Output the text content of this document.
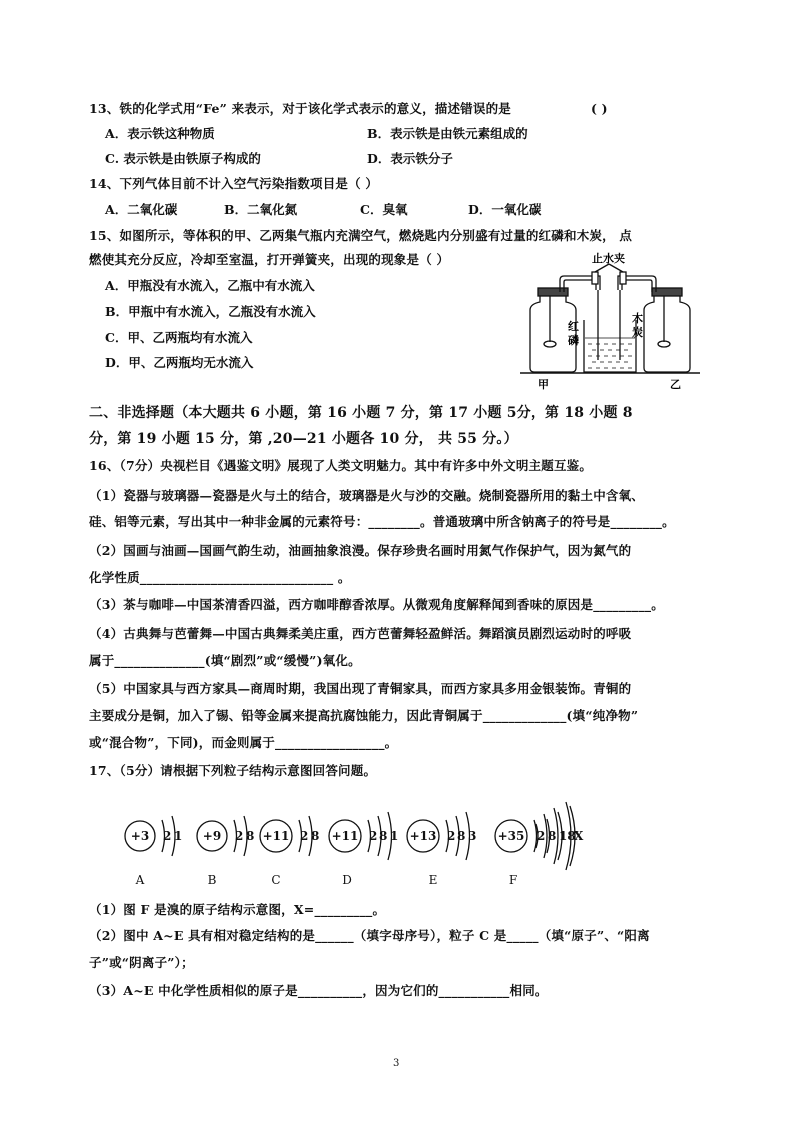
13、铁的化学式用“Fe” 来表示，对于该化学式表示的意义，描述错误的是	( )
A．表示铁这种物质	B．表示铁是由铁元素组成的
C. 表示铁是由铁原子构成的	D．表示铁分子
14、下列气体目前不计入空气污染指数项目是（ ）
A．二氧化碳	B．二氧化氮	C．臭氧	D．一氧化碳
15、如图所示，等体积的甲、乙两集气瓶内充满空气，燃烧匙内分别盛有过量的红磷和木炭， 点
燃使其充分反应，冷却至室温，打开弹簧夹，出现的现象是（ ）
A．甲瓶没有水流入，乙瓶中有水流入
B．甲瓶中有水流入，乙瓶没有水流入
C．甲、乙两瓶均有水流入
D．甲、乙两瓶均无水流入
止水夹
红
磷
木
炭
甲	乙
二、非选择题（本大题共 6 小题，第 16 小题 7 分，第 17 小题 5分，第 18 小题 8
分，第 19 小题 15 分，第 ,20—21 小题各 10 分， 共 55 分。）
16、（7分）央视栏目《遇鉴文明》展现了人类文明魅力。其中有许多中外文明主题互鉴。
（1）瓷器与玻璃器—瓷器是火与土的结合，玻璃器是火与沙的交融。烧制瓷器所用的黏土中含氧、
硅、铝等元素，写出其中一种非金属的元素符号：________。普通玻璃中所含钠离子的符号是________。
（2）国画与油画—国画气韵生动，油画抽象浪漫。保存珍贵名画时用氮气作保护气，因为氮气的
化学性质______________________________ 。
（3）茶与咖啡—中国茶清香四溢，西方咖啡醇香浓厚。从微观角度解释闻到香味的原因是_________。
（4）古典舞与芭蕾舞—中国古典舞柔美庄重，西方芭蕾舞轻盈鲜活。舞蹈演员剧烈运动时的呼吸
属于______________(填“剧烈”或“缓慢”)氧化。
（5）中国家具与西方家具—商周时期，我国出现了青铜家具，而西方家具多用金银装饰。青铜的
主要成分是铜，加入了锡、铅等金属来提高抗腐蚀能力，因此青铜属于_____________(填“纯净物”
或“混合物”，下同)，而金则属于_________________。
17、（5分）请根据下列粒子结构示意图回答问题。
+3 2 1 +9 2 8 +11 2 8 +11 2 8 1 +13 2 8 3 +35 2 8 18
X
A	B	C	D	E	F
（1）图 F 是溴的原子结构示意图，X=_________。
（2）图中 A~E 具有相对稳定结构的是______（填字母序号），粒子 C 是_____（填“原子”、“阳离
子”或“阴离子”）；
（3）A~E 中化学性质相似的原子是__________，因为它们的___________相同。
3
